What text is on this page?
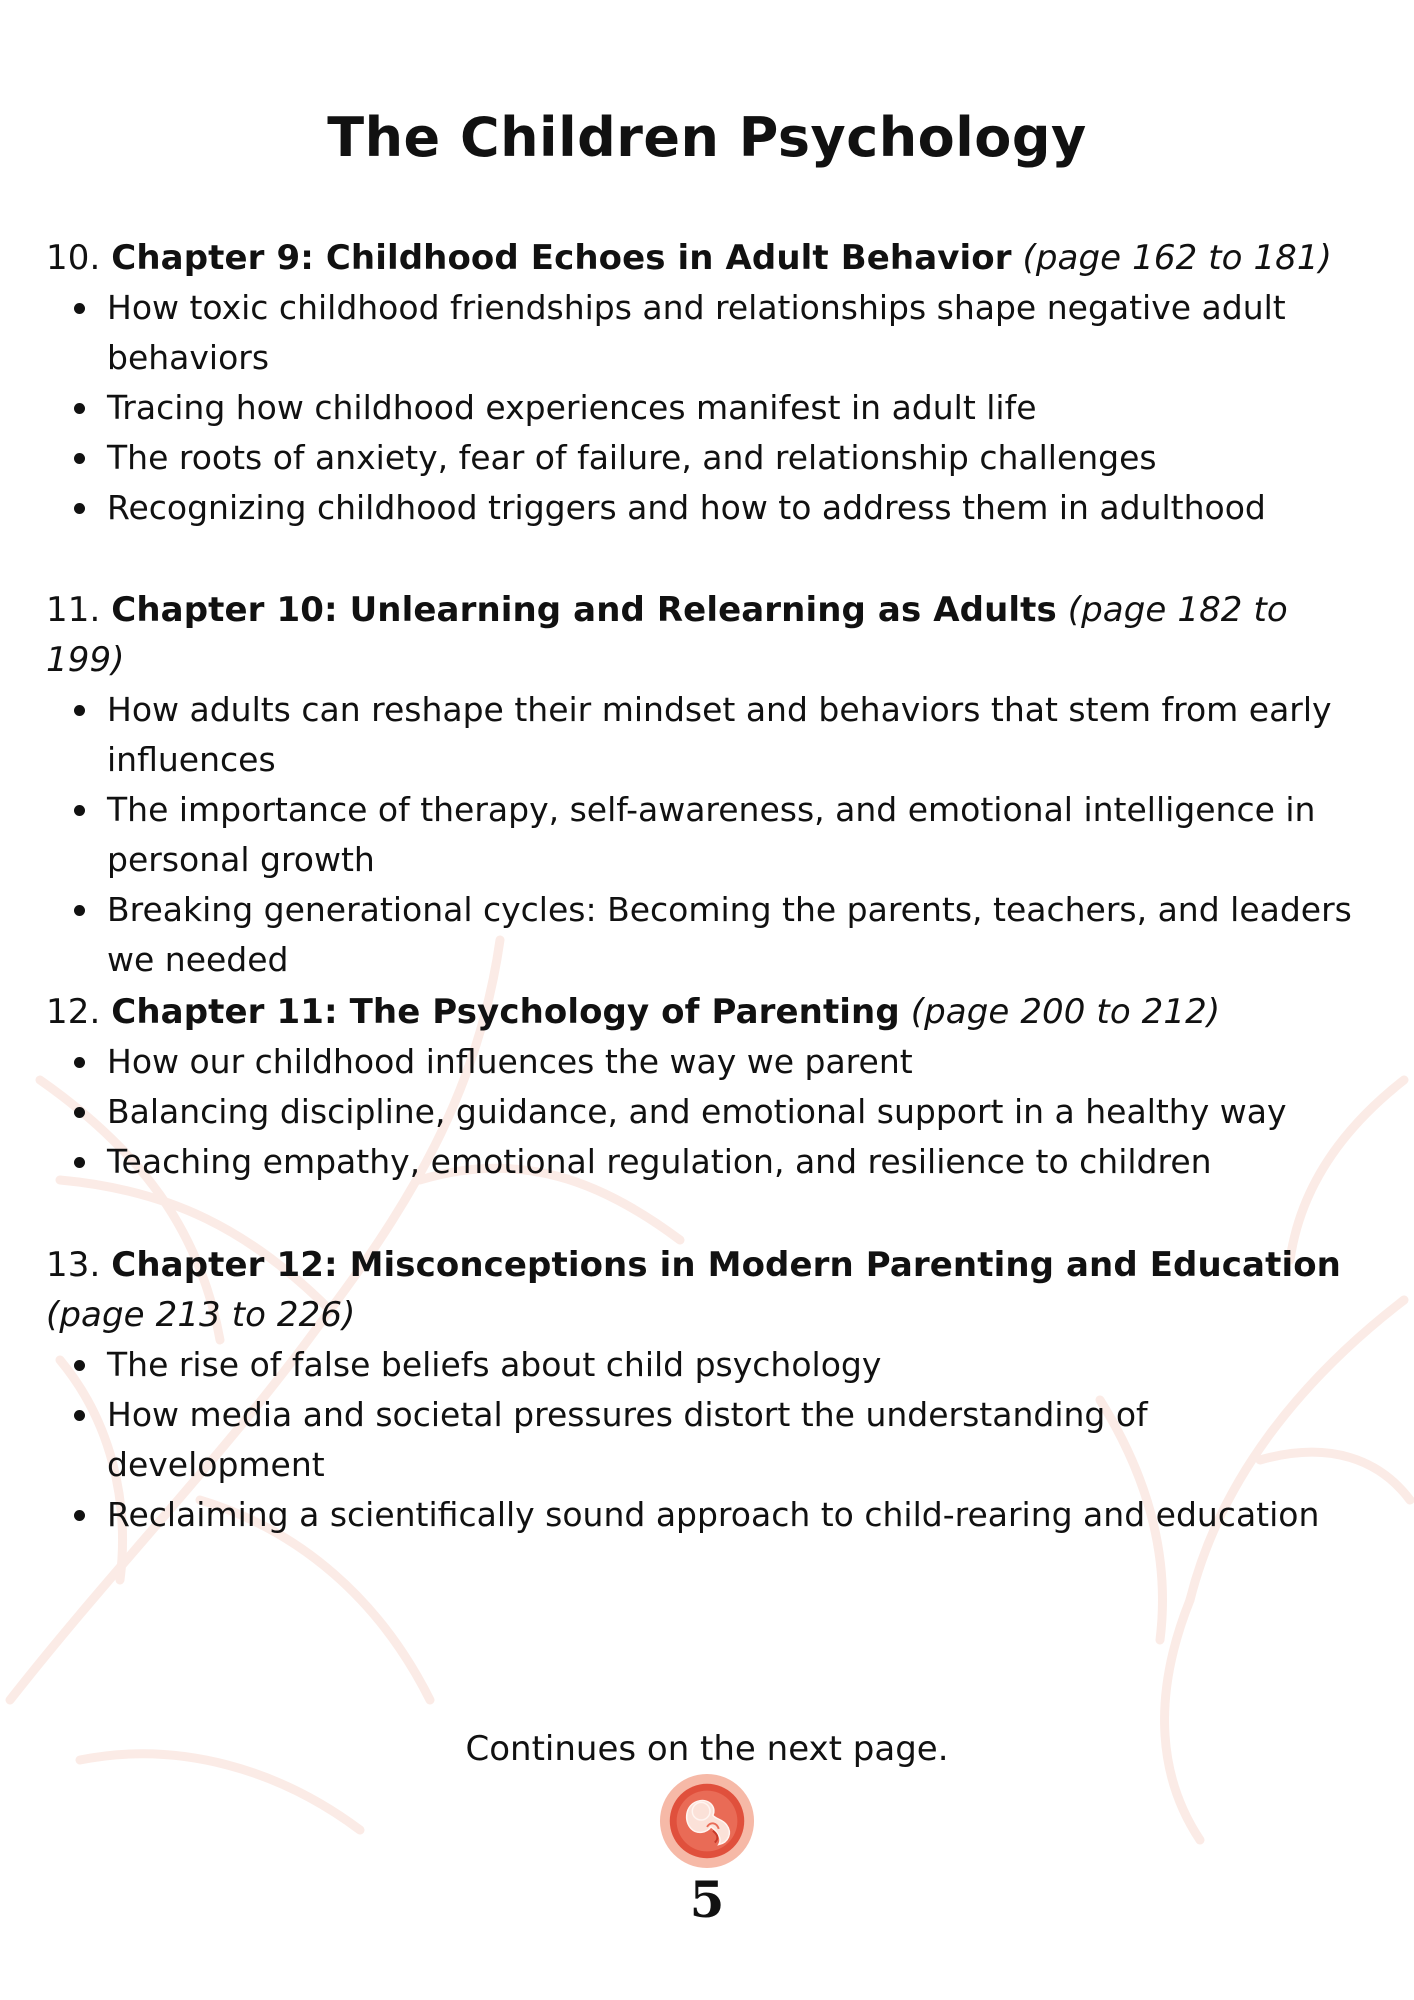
The Children Psychology

10. Chapter 9: Childhood Echoes in Adult Behavior (page 162 to 181)

How toxic childhood friendships and relationships shape negative adult behaviors
Tracing how childhood experiences manifest in adult life
The roots of anxiety, fear of failure, and relationship challenges
Recognizing childhood triggers and how to address them in adulthood

11. Chapter 10: Unlearning and Relearning as Adults (page 182 to 199)

How adults can reshape their mindset and behaviors that stem from early influences
The importance of therapy, self-awareness, and emotional intelligence in personal growth
Breaking generational cycles: Becoming the parents, teachers, and leaders we needed

12. Chapter 11: The Psychology of Parenting (page 200 to 212)

How our childhood influences the way we parent
Balancing discipline, guidance, and emotional support in a healthy way
Teaching empathy, emotional regulation, and resilience to children

13. Chapter 12: Misconceptions in Modern Parenting and Education (page 213 to 226)

The rise of false beliefs about child psychology
How media and societal pressures distort the understanding of development
Reclaiming a scientifically sound approach to child-rearing and education

Continues on the next page.

5
